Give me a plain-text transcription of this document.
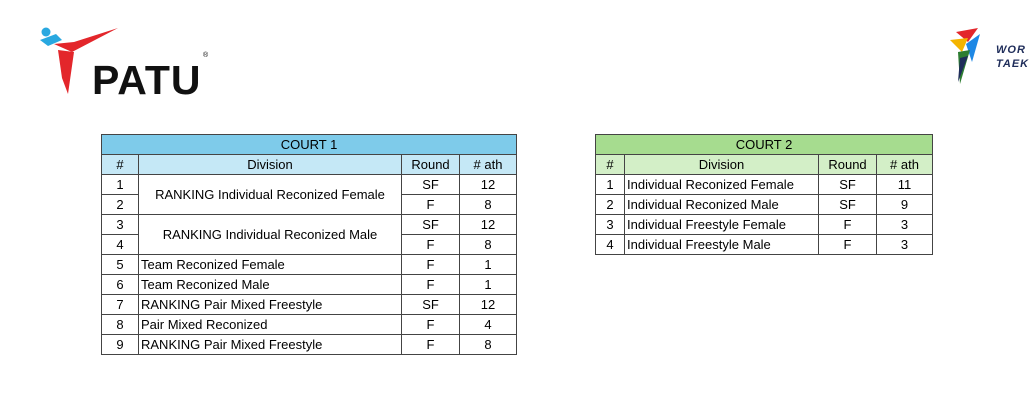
PATU
®	WOR
TAEK
COURT 1			
#	Division	Round	# ath
1	RANKING Individual Reconized Female	SF	12
2		F	8
3	RANKING Individual Reconized Male	SF	12
4		F	8
5	Team Reconized Female	F	1
6	Team Reconized Male	F	1
7	RANKING Pair Mixed Freestyle	SF	12
8	Pair Mixed Reconized	F	4
9	RANKING Pair Mixed Freestyle	F	8
COURT 2			
#	Division	Round	# ath
1	Individual Reconized Female	SF	11
2	Individual Reconized Male	SF	9
3	Individual Freestyle Female	F	3
4	Individual Freestyle Male	F	3
